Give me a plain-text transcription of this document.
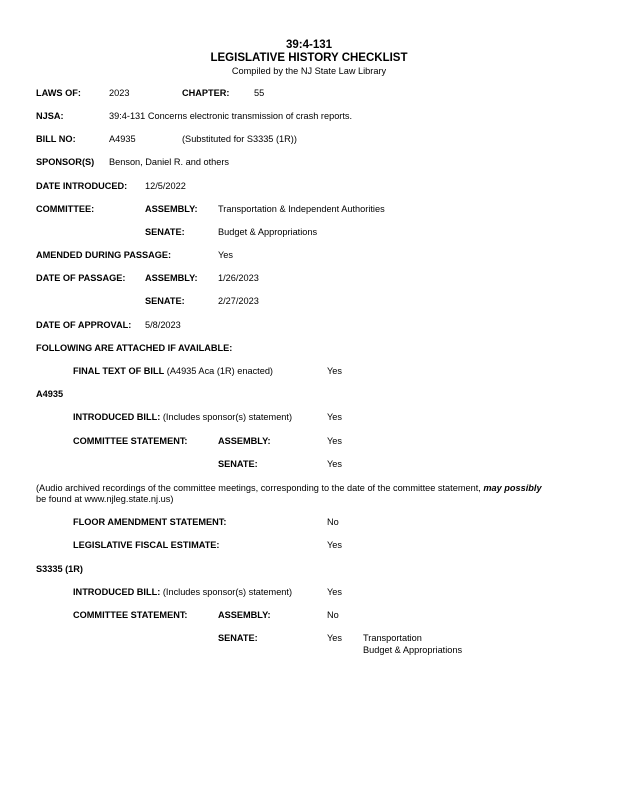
39:4-131
LEGISLATIVE HISTORY CHECKLIST
Compiled by the NJ State Law Library
LAWS OF:	2023	CHAPTER:	55
NJSA:	39:4-131 Concerns electronic transmission of crash reports.
BILL NO:	A4935	(Substituted for S3335 (1R))
SPONSOR(S) Benson, Daniel R. and others
DATE INTRODUCED: 12/5/2022
COMMITTEE:	ASSEMBLY: Transportation & Independent Authorities
SENATE:	Budget & Appropriations
AMENDED DURING PASSAGE:	Yes
DATE OF PASSAGE: ASSEMBLY: 1/26/2023
SENATE:	2/27/2023
DATE OF APPROVAL: 5/8/2023
FOLLOWING ARE ATTACHED IF AVAILABLE:
FINAL TEXT OF BILL (A4935 Aca (1R) enacted)	Yes
A4935
INTRODUCED BILL: (Includes sponsor(s) statement)	Yes
COMMITTEE STATEMENT:	ASSEMBLY:	Yes
SENATE:	Yes
(Audio archived recordings of the committee meetings, corresponding to the date of the committee statement, may possibly
be found at www.njleg.state.nj.us)
FLOOR AMENDMENT STATEMENT:	No
LEGISLATIVE FISCAL ESTIMATE:	Yes
S3335 (1R)
INTRODUCED BILL: (Includes sponsor(s) statement)	Yes
COMMITTEE STATEMENT:	ASSEMBLY:	No
SENATE:	Yes Transportation
Budget & Appropriations
